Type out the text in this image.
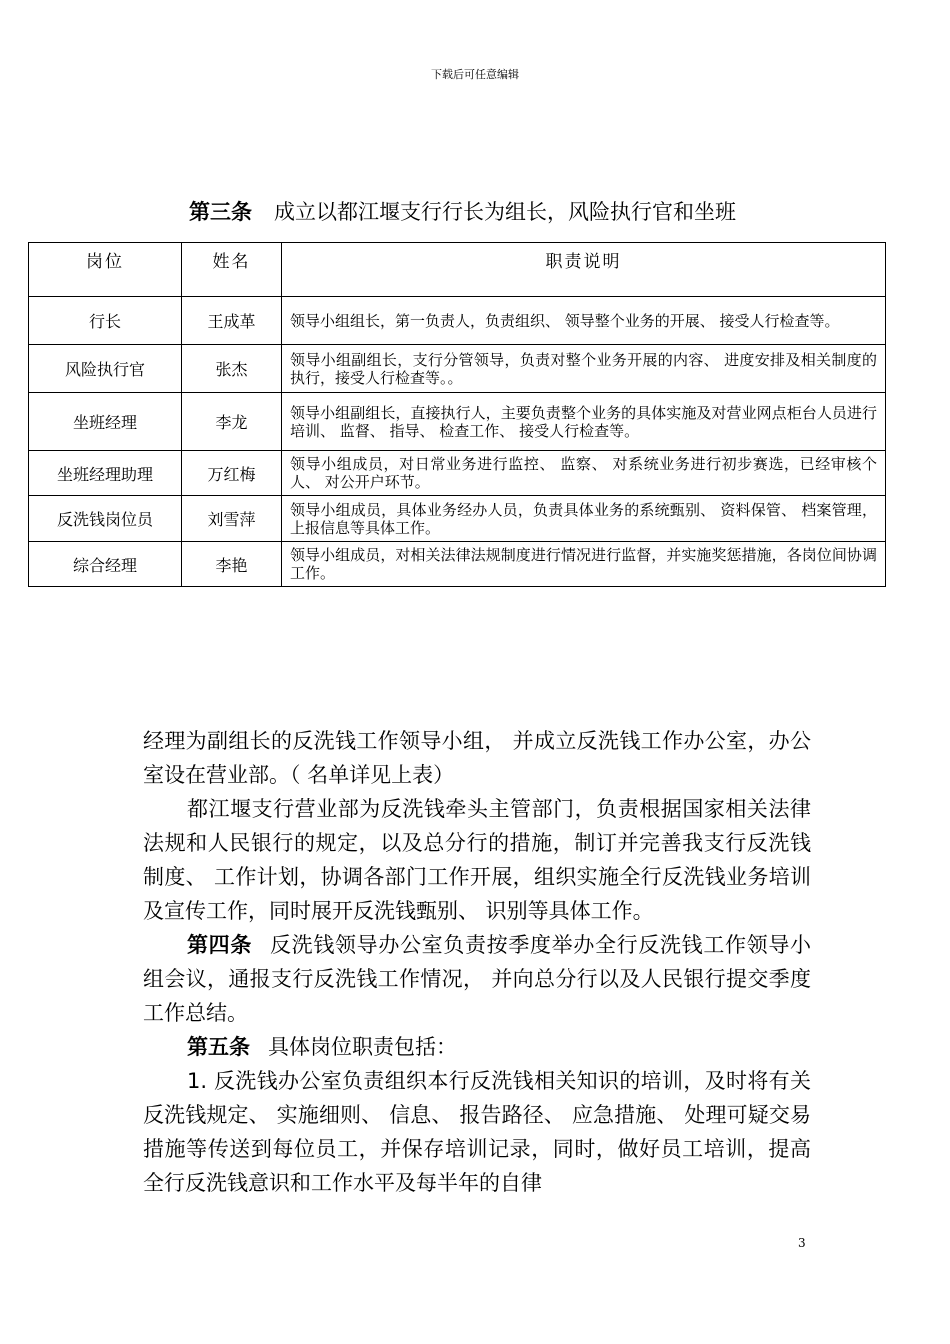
下载后可任意编辑
第三条 成立以都江堰支行行长为组长，风险执行官和坐班
岗位	姓名	职责说明
行长	王成革	领导小组组长，第一负责人，负责组织、 领导整个业务的开展、 接受人行检查等。
风险执行官	张杰	领导小组副组长，支行分管领导，负责对整个业务开展的内容、 进度安排及相关制度的执行，接受人行检查等。。
坐班经理	李龙	领导小组副组长，直接执行人，主要负责整个业务的具体实施及对营业网点柜台人员进行培训、 监督、 指导、 检查工作、 接受人行检查等。
坐班经理助理	万红梅	领导小组成员，对日常业务进行监控、 监察、 对系统业务进行初步赛选，已经审核个人、 对公开户环节。
反洗钱岗位员	刘雪萍	领导小组成员，具体业务经办人员，负责具体业务的系统甄别、 资料保管、 档案管理，上报信息等具体工作。
综合经理	李艳	领导小组成员，对相关法律法规制度进行情况进行监督，并实施奖惩措施，各岗位间协调工作。

经理为副组长的反洗钱工作领导小组， 并成立反洗钱工作办公室，办公室设在营业部。（ 名单详见上表）

都江堰支行营业部为反洗钱牵头主管部门，负责根据国家相关法律法规和人民银行的规定，以及总分行的措施，制订并完善我支行反洗钱制度、 工作计划，协调各部门工作开展，组织实施全行反洗钱业务培训及宣传工作，同时展开反洗钱甄别、 识别等具体工作。

第四条 反洗钱领导办公室负责按季度举办全行反洗钱工作领导小组会议，通报支行反洗钱工作情况， 并向总分行以及人民银行提交季度工作总结。

第五条 具体岗位职责包括：

1. 反洗钱办公室负责组织本行反洗钱相关知识的培训，及时将有关反洗钱规定、 实施细则、 信息、 报告路径、 应急措施、 处理可疑交易措施等传送到每位员工，并保存培训记录，同时，做好员工培训，提高全行反洗钱意识和工作水平及每半年的自律

3
